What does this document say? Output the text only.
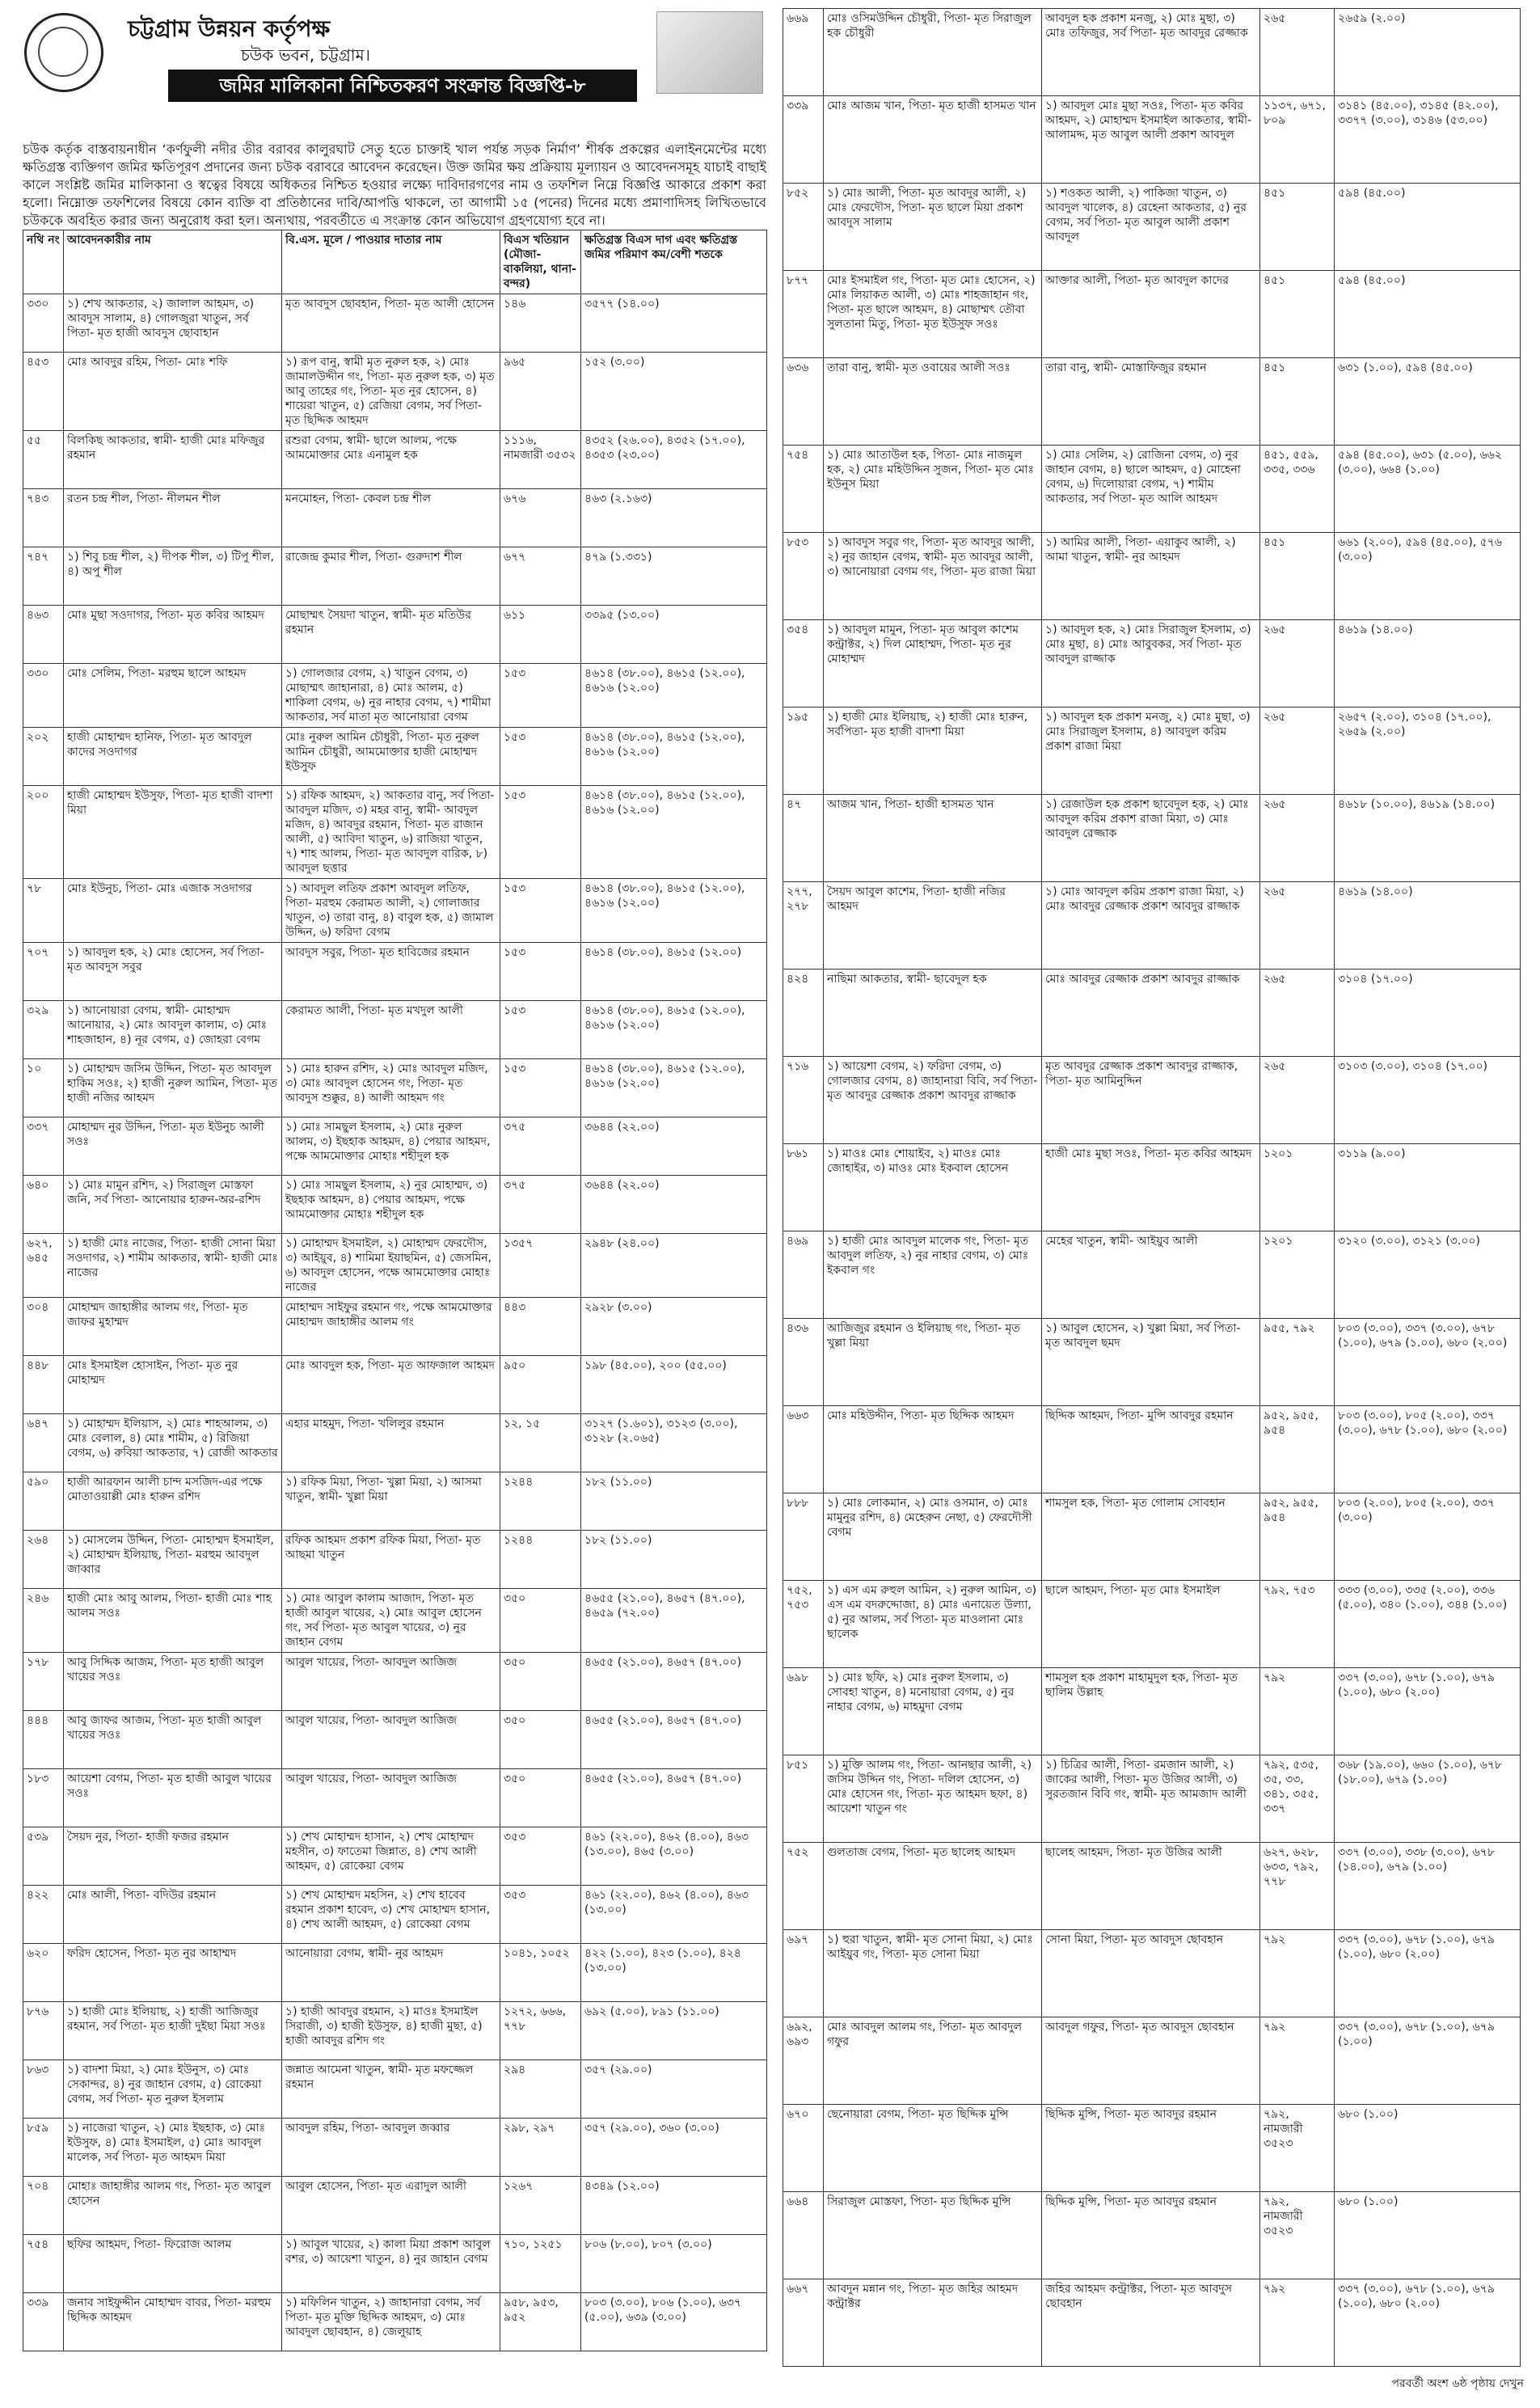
চট্টগ্রাম উন্নয়ন কর্তৃপক্ষ
চউক ভবন, চট্টগ্রাম।
জমির মালিকানা নিশ্চিতকরণ সংক্রান্ত বিজ্ঞপ্তি-৮
চউক কর্তৃক বাস্তবায়নাধীন ‘কর্ণফুলী নদীর তীর বরাবর কালুরঘাট সেতু হতে চাক্তাই খাল পর্যন্ত সড়ক নির্মাণ’ শীর্ষক প্রকল্পের এলাইনমেন্টের মধ্যে ক্ষতিগ্রস্ত ব্যক্তিগণ জমির ক্ষতিপূরণ প্রদানের জন্য চউক বরাবরে আবেদন করেছেন। উক্ত জমির ক্ষয় প্রক্রিয়ায় মূল্যায়ন ও আবেদনসমূহ যাচাই বাছাই কালে সংশ্লিষ্ট জমির মালিকানা ও স্বত্বের বিষয়ে অধিকতর নিশ্চিত হওয়ার লক্ষ্যে দাবিদারগণের নাম ও তফশিল নিম্নে বিজ্ঞপ্তি আকারে প্রকাশ করা হলো। নিম্নোক্ত তফশিলের বিষয়ে কোন ব্যক্তি বা প্রতিষ্ঠানের দাবি/আপত্তি থাকলে, তা আগামী ১৫ (পনের) দিনের মধ্যে প্রমাণাদিসহ লিখিতভাবে চউককে অবহিত করার জন্য অনুরোধ করা হল। অন্যথায়, পরবর্তীতে এ সংক্রান্ত কোন অভিযোগ গ্রহণযোগ্য হবে না।
নথি নং	আবেদনকারীর নাম	বি.এস. মূলে / পাওয়ার দাতার নাম	বিএস খতিয়ান (মৌজা-বাকলিয়া, থানা- বন্দর)	ক্ষতিগ্রস্ত বিএস দাগ এবং ক্ষতিগ্রস্ত জমির পরিমাণ কম/বেশী শতকে
৩৩০	১) শেখ আকতার, ২) জালাল আহমদ, ৩) আবদুস সালাম, ৪) গোলজুরা খাতুন, সর্ব পিতা- মৃত হাজী আবদুস ছোবাহান	মৃত আবদুস ছোবহান, পিতা- মৃত আলী হোসেন	১৪৬	৩৫৭৭ (১৪.০০)
৪৫৩	মোঃ আবদুর রহিম, পিতা- মোঃ শফি	১) রূপ বানু, স্বামী মৃত নুরুল হক, ২) মোঃ জামালউদ্দীন গং, পিতা- মৃত নুরুল হক, ৩) মৃত আবু তাহের গং, পিতা- মৃত নুর হোসেন, ৪) শায়েরা খাতুন, ৫) রেজিয়া বেগম, সর্ব পিতা- মৃত ছিদ্দিক আহমদ	৯৬৫	১৫২ (৩.০০)
৫৫	বিলকিছ আকতার, স্বামী- হাজী মোঃ মফিজুর রহমান	রশুরা বেগম, স্বামী- ছালে আলম, পক্ষে আমমোক্তার মোঃ এনামুল হক	১১১৬, নামজারী ৩৫৩২	৪৩৫২ (২৬.০০), ৪৩৫২ (১৭.০০), ৪৩৫৩ (২৩.০০)
৭৪৩	রতন চন্দ্র শীল, পিতা- নীলমন শীল	মনমোহন, পিতা- কেবল চন্দ্র শীল	৬৭৬	৪৬৩ (২.১৬৩)
৭৪৭	১) শিবু চন্দ্র শীল, ২) দীপক শীল, ৩) টিপু শীল, ৪) অপু শীল	রাজেন্দ্র কুমার শীল, পিতা- গুরুদাশ শীল	৬৭৭	৪৭৯ (১.৩৩১)
৪৬৩	মোঃ মুছা সওদাগর, পিতা- মৃত কবির আহমদ	মোছাম্মৎ সৈয়দা খাতুন, স্বামী- মৃত মতিউর রহমান	৬১১	৩৩৯৫ (১৩.০০)
৩৩০	মোঃ সেলিম, পিতা- মরহুম ছালে আহমদ	১) গোলজার বেগম, ২) খাতুন বেগম, ৩) মোছাম্মৎ জাহানারা, ৪) মোঃ আলম, ৫) শাকিলা বেগম, ৬) নুর নাহার বেগম, ৭) শামীমা আকতার, সর্ব মাতা মৃত আনোয়ারা বেগম	১৫৩	৪৬১৪ (৩৮.০০), ৪৬১৫ (১২.০০), ৪৬১৬ (১২.০০)
২০২	হাজী মোহাম্মদ হানিফ, পিতা- মৃত আবদুল কাদের সওদাগর	মোঃ নুরুল আমিন চৌধুরী, পিতা- মৃত নুরুল আমিন চৌধুরী, আমমোক্তার হাজী মোহাম্মদ ইউসুফ	১৫৩	৪৬১৪ (৩৮.০০), ৪৬১৫ (১২.০০), ৪৬১৬ (১২.০০)
২০০	হাজী মোহাম্মদ ইউসুফ, পিতা- মৃত হাজী বাদশা মিয়া	১) রফিক আহমদ, ২) আকতার বানু, সর্ব পিতা- আবদুল মজিদ, ৩) মহর বানু, স্বামী- আবদুল মজিদ, ৪) আবদুর রহমান, পিতা- মৃত রাজান আলী, ৫) আবিদা খাতুন, ৬) রাজিয়া খাতুন, ৭) শাহ আলম, পিতা- মৃত আবদুল বারিক, ৮) আবদুল ছত্তার	১৫৩	৪৬১৪ (৩৮.০০), ৪৬১৫ (১২.০০), ৪৬১৬ (১২.০০)
৭৮	মোঃ ইউনুচ, পিতা- মোঃ এজাক সওদাগর	১) আবদুল লতিফ প্রকাশ আবদুল লতিফ, পিতা- মরহুম কেরামত আলী, ২) গোলাজার খাতুন, ৩) তারা বানু, ৪) বাবুল হক, ৫) জামাল উদ্দিন, ৬) ফরিদা বেগম	১৫৩	৪৬১৪ (৩৮.০০), ৪৬১৫ (১২.০০), ৪৬১৬ (১২.০০)
৭০৭	১) আবদুল হক, ২) মোঃ হোসেন, সর্ব পিতা- মৃত আবদুস সবুর	আবদুস সবুর, পিতা- মৃত হাবিজের রহমান	১৫৩	৪৬১৪ (৩৮.০০), ৪৬১৫ (১২.০০)
৩২৯	১) আনোয়ারা বেগম, স্বামী- মোহাম্মদ আনোয়ার, ২) মোঃ আবদুল কালাম, ৩) মোঃ শাহজাহান, ৪) নূর বেগম, ৫) জোহরা বেগম	কেরামত আলী, পিতা- মৃত মখদুল আলী	১৫৩	৪৬১৪ (৩৮.০০), ৪৬১৫ (১২.০০), ৪৬১৬ (১২.০০)
১০	১) মোহাম্মদ জসিম উদ্দিন, পিতা- মৃত আবদুল হাকিম সওঃ, ২) হাজী নুরুল আমিন, পিতা- মৃত হাজী নজির আহমদ	১) মোঃ হারুন রশিদ, ২) মোঃ আবদুল মজিদ, ৩) মোঃ আবদুল হোসেন গং, পিতা- মৃত আবদুস শুক্কুর, ৪) আলী আহমদ গং	১৫৩	৪৬১৪ (৩৮.০০), ৪৬১৫ (১২.০০), ৪৬১৬ (১২.০০)
৩৩৭	মোহাম্মদ নুর উদ্দিন, পিতা- মৃত ইউনুচ আলী সওঃ	১) মোঃ সামছুল ইসলাম, ২) মোঃ নুরুল আলম, ৩) ইছহাক আহমদ, ৪) পেয়ার আহমদ, পক্ষে আমমোক্তার মোহাঃ শহীদুল হক	৩৭৫	৩৬৪৪ (২২.০০)
৬৪০	১) মোঃ মামুন রশিদ, ২) সিরাজুল মোস্তফা জনি, সর্ব পিতা- আনোয়ার হারুন-অর-রশিদ	১) মোঃ সামছুল ইসলাম, ২) নুর মোহাম্মদ, ৩) ইছহাক আহমদ, ৪) পেয়ার আহমদ, পক্ষে আমমোক্তার মোহাঃ শহীদুল হক	৩৭৫	৩৬৪৪ (২২.০০)
৬২৭, ৬৪৫	১) হাজী মোঃ নাজের, পিতা- হাজী সোনা মিয়া সওদাগর, ২) শামীম আকতার, স্বামী- হাজী মোঃ নাজের	১) মোহাম্মদ ইসমাইল, ২) মোহাম্মদ ফেরদৌস, ৩) আইয়ুব, ৪) শামিমা ইয়াছমিন, ৫) জেসমিন, ৬) আবদুল হোসেন, পক্ষে আমমোক্তার মোহাঃ নাজের	১৩৫৭	২৯৪৮ (২৪.০০)
৩০৪	মোহাম্মদ জাহাঙ্গীর আলম গং, পিতা- মৃত জাফর মুহাম্মদ	মোহাম্মদ সাইফুর রহমান গং, পক্ষে আমমোক্তার মোহাম্মদ জাহাঙ্গীর আলম গং	৪৪৩	২৯২৮ (৩.০০)
৪৪৮	মোঃ ইসমাইল হোসাইন, পিতা- মৃত নুর মোহাম্মদ	মোঃ আবদুল হক, পিতা- মৃত আফজাল আহমদ	৯৫০	১৯৮ (৪৫.০০), ২০০ (৫৫.০০)
৬৪৭	১) মোহাম্মদ ইলিয়াস, ২) মোঃ শাহআলম, ৩) মোঃ বেলাল, ৪) মোঃ শামীম, ৫) রিজিয়া বেগম, ৬) রুবিয়া আকতার, ৭) রোজী আকতার	এহার মাহমুদ, পিতা- খলিলুর রহমান	১২, ১৫	৩১২৭ (১.৬০১), ৩১২৩ (৩.০০), ৩১২৮ (২.০৬৫)
৫৯০	হাজী আরফান আলী চান্দ মসজিদ-এর পক্ষে মোতাওয়াল্লী মোঃ হারুন রশিদ	১) রফিক মিয়া, পিতা- খুল্লা মিয়া, ২) আসমা খাতুন, স্বামী- খুল্লা মিয়া	১২৪৪	১৮২ (১১.০০)
২৬৪	১) মোসলেম উদ্দিন, পিতা- মোহাম্মদ ইসমাইল, ২) মোহাম্মদ ইলিয়াছ, পিতা- মরহুম আবদুল জাব্বার	রফিক আহমদ প্রকাশ রফিক মিয়া, পিতা- মৃত আছমা খাতুন	১২৪৪	১৮২ (১১.০০)
২৪৬	হাজী মোঃ আবু আলম, পিতা- হাজী মোঃ শাহ আলম সওঃ	১) মোঃ আবুল কালাম আজাদ, পিতা- মৃত হাজী আবুল খায়ের, ২) মোঃ আবুল হোসেন গং, সর্ব পিতা- মৃত আবুল খায়ের, ৩) নুর জাহান বেগম	৩৫০	৪৬৫৫ (২১.০০), ৪৬৫৭ (৪৭.০০), ৪৬৫৯ (৭২.০০)
১৭৮	আবু সিদ্দিক আজম, পিতা- মৃত হাজী আবুল খায়ের সওঃ	আবুল খায়ের, পিতা- আবদুল আজিজ	৩৫০	৪৬৫৫ (২১.০০), ৪৬৫৭ (৪৭.০০)
৪৪৪	আবু জাফর আজম, পিতা- মৃত হাজী আবুল খায়ের সওঃ	আবুল খায়ের, পিতা- আবদুল আজিজ	৩৫০	৪৬৫৫ (২১.০০), ৪৬৫৭ (৪৭.০০)
১৮৩	আয়েশা বেগম, পিতা- মৃত হাজী আবুল খায়ের সওঃ	আবুল খায়ের, পিতা- আবদুল আজিজ	৩৫০	৪৬৫৫ (২১.০০), ৪৬৫৭ (৪৭.০০)
৫৩৯	সৈয়দ নুর, পিতা- হাজী ফজর রহমান	১) শেখ মোহাম্মদ হাসান, ২) শেখ মোহাম্মদ মহসীন, ৩) ফাতেমা জিন্নাত, ৪) শেখ আলী আহমদ, ৫) রোকেয়া বেগম	৩৫৩	৪৬১ (২২.০০), ৪৬২ (৪.০০), ৪৬৩ (১৩.০০), ৪৬৫ (৩.০০)
৪২২	মোঃ আলী, পিতা- বদিউর রহমান	১) শেখ মোহাম্মদ মহসিন, ২) শেখ হাবেব রহমান প্রকাশ হাবেদ, ৩) শেখ মোহাম্মদ হাসান, ৪) শেখ আলী আহমদ, ৫) রোকেয়া বেগম	৩৫৩	৪৬১ (২২.০০), ৪৬২ (৪.০০), ৪৬৩ (১৩.০০)
৬২০	ফরিদ হোসেন, পিতা- মৃত নুর আহাম্মদ	আনোয়ারা বেগম, স্বামী- নুর আহমদ	১০৪১, ১০৫২	৪২২ (১.০০), ৪২৩ (১.০০), ৪২৪ (১৩.০০)
৮৭৬	১) হাজী মোঃ ইলিয়াছ, ২) হাজী আজিজুর রহমান, সর্ব পিতা- মৃত হাজী দুইছা মিয়া সওঃ	১) হাজী আবদুর রহমান, ২) মাওঃ ইসমাইল সিরাজী, ৩) হাজী ইউসুফ, ৪) হাজী মুছা, ৫) হাজী আবদুর রশিদ গং	১২৭২, ৬৬৬, ৭৭৮	৬৯২ (৫.০০), ৮৯১ (১১.০০)
৮৬৩	১) বাদশা মিয়া, ২) মোঃ ইউনুস, ৩) মোঃ সেকান্দর, ৪) নুর জাহান বেগম, ৫) রোকেয়া বেগম, সর্ব পিতা- মৃত নুরুল ইসলাম	জন্নাত আমেনা খাতুন, স্বামী- মৃত মফজ্জেল রহমান	২৯৪	৩৫৭ (২৯.০০)
৮৫৯	১) নাজেরা খাতুন, ২) মোঃ ইছহাক, ৩) মোঃ ইউসুফ, ৪) মোঃ ইসমাইল, ৫) মোঃ আবদুল মালেক, সর্ব পিতা- মৃত আহমদ মিয়া	আবদুল রহিম, পিতা- আবদুল জব্বার	২৯৮, ২৯৭	৩৫৭ (২৯.০০), ৩৬০ (৩.০০)
৭০৪	মোহাঃ জাহাঙ্গীর আলম গং, পিতা- মৃত আবুল হোসেন	আবুল হোসেন, পিতা- মৃত এরাদুল আলী	১২৬৭	৪৩৪৯ (১২.০০)
৭৫৪	ছফির আহমদ, পিতা- ফিরোজ আলম	১) আবুল খায়ের, ২) কালা মিয়া প্রকাশ আবুল বশর, ৩) আয়েশা খাতুন, ৪) নুর জাহান বেগম	৭১০, ১২৫১	৮০৬ (৮.০০), ৮০৭ (৩.০০)
৩৩৯	জনাব সাইফুদ্দীন মোহাম্মদ বাবর, পিতা- মরহুম ছিদ্দিক আহমদ	১) মফিলিন খাতুন, ২) জাহানারা বেগম, সর্ব পিতা- মৃত মুক্তি ছিদ্দিক আহমদ, ৩) মোঃ আবদুল ছোবহান, ৪) জেলুয়াহ	৯৫৮, ৯৫৩, ৯৫২	৮০৩ (৩.০০), ৮০৬ (১.০০), ৬৩৭ (৫.০০), ৬৩৯ (৩.০০)
৬৬৯	মোঃ ওসিমউদ্দিন চৌধুরী, পিতা- মৃত সিরাজুল হক চৌধুরী	আবদুল হক প্রকাশ মনজু, ২) মোঃ মুছা, ৩) মোঃ তফিজুর, সর্ব পিতা- মৃত আবদুর রেজ্জাক	২৬৫	২৬৫৯ (২.০০)
৩৩৯	মোঃ আজম খান, পিতা- মৃত হাজী হাসমত খান	১) আবদুল মোঃ মুছা সওঃ, পিতা- মৃত কবির আহমদ, ২) মোহাম্মদ ইসমাইল আকতার, স্বামী- আলামদ্দ, মৃত আবুল আলী প্রকাশ আবদুল	১১৩৭, ৬৭১, ৮০৯	৩১৪১ (৪৫.০০), ৩১৪৫ (৪২.০০), ৩৩৭৭ (৩.০০), ৩১৪৬ (৫৩.০০)
৮৫২	১) মোঃ আলী, পিতা- মৃত আবদুর আলী, ২) মোঃ ফেরদৌস, পিতা- মৃত ছালে মিয়া প্রকাশ আবদুস সালাম	১) শওকত আলী, ২) পাকিজা খাতুন, ৩) আবদুল খালেক, ৪) রেহেনা আকতার, ৫) নুর বেগম, সর্ব পিতা- মৃত আবুল আলী প্রকাশ আবদুল	৪৫১	৫৯৪ (৪৫.০০)
৮৭৭	মোঃ ইসমাইল গং, পিতা- মৃত মোঃ হোসেন, ২) মোঃ লিয়াকত আলী, ৩) মোঃ শাহজাহান গং, পিতা- মৃত ছালে আহমদ, ৪) মোছাম্মৎ তৌবা সুলতানা মিতু, পিতা- মৃত ইউসুফ সওঃ	আক্তার আলী, পিতা- মৃত আবদুল কাদের	৪৫১	৫৯৪ (৪৫.০০)
৬৩৬	তারা বানু, স্বামী- মৃত ওবায়ের আলী সওঃ	তারা বানু, স্বামী- মোস্তাফিজুর রহমান	৪৫১	৬৩১ (১.০০), ৫৯৪ (৪৫.০০)
৭৫৪	১) মোঃ আতাউল হক, পিতা- মোঃ নাজমুল হক, ২) মোঃ মহিউদ্দিন সুজন, পিতা- মৃত মোঃ ইউনুস মিয়া	১) মোঃ সেলিম, ২) রোজিনা বেগম, ৩) নুর জাহান বেগম, ৪) ছালে আহমদ, ৫) মোহেনা বেগম, ৬) দিলোয়ারা বেগম, ৭) শামীম আকতার, সর্ব পিতা- মৃত আলি আহমদ	৪৫১, ৫৫৯, ৩৩৫, ৩৩৬	৫৯৪ (৪৫.০০), ৬৩১ (৫.০০), ৬৬২ (৩.০০), ৬৬৪ (১.০০)
৮৫৩	১) আবদুস সবুর গং, পিতা- মৃত আবদুর আলী, ২) নুর জাহান বেগম, স্বামী- মৃত আবদুর আলী, ৩) আনোয়ারা বেগম গং, পিতা- মৃত রাজা মিয়া	১) আমির আলী, পিতা- এয়াকুব আলী, ২) আমা খাতুন, স্বামী- নুর আহমদ	৪৫১	৬৬১ (২.০০), ৫৯৪ (৪৫.০০), ৫৭৬ (৩.০০)
৩৫৪	১) আবদুল মামুন, পিতা- মৃত আবুল কাশেম কন্ট্রাক্টর, ২) দিল মোহাম্মদ, পিতা- মৃত নুর মোহাম্মদ	১) আবদুল হক, ২) মোঃ সিরাজুল ইসলাম, ৩) মোঃ মুছা, ৪) মোঃ আবুবকর, সর্ব পিতা- মৃত আবদুল রাজ্জাক	২৬৫	৪৬১৯ (১৪.০০)
১৯৫	১) হাজী মোঃ ইলিয়াছ, ২) হাজী মোঃ হারুন, সর্বপিতা- মৃত হাজী বাদশা মিয়া	১) আবদুল হক প্রকাশ মনজু, ২) মোঃ মুছা, ৩) মোঃ সিরাজুল ইসলাম, ৪) আবদুল করিম প্রকাশ রাজা মিয়া	২৬৫	২৬৫৭ (২.০০), ৩১০৪ (১৭.০০), ২৬৫৯ (২.০০)
৪৭	আজম খান, পিতা- হাজী হাসমত খান	১) রেজাউল হক প্রকাশ ছাবেদুল হক, ২) মোঃ আবদুল করিম প্রকাশ রাজা মিয়া, ৩) মোঃ আবদুল রেজ্জাক	২৬৫	৪৬১৮ (১০.০০), ৪৬১৯ (১৪.০০)
২৭৭, ২৭৮	সৈয়দ আবুল কাশেম, পিতা- হাজী নজির আহমদ	১) মোঃ আবদুল করিম প্রকাশ রাজা মিয়া, ২) মোঃ আবদুর রেজ্জাক প্রকাশ আবদুর রাজ্জাক	২৬৫	৪৬১৯ (১৪.০০)
৪২৪	নাছিমা আকতার, স্বামী- ছাবেদুল হক	মোঃ আবদুর রেজ্জাক প্রকাশ আবদুর রাজ্জাক	২৬৫	৩১০৪ (১৭.০০)
৭১৬	১) আয়েশা বেগম, ২) ফরিদা বেগম, ৩) গোলজার বেগম, ৪) জাহানারা বিবি, সর্ব পিতা- মৃত আবদুর রেজ্জাক প্রকাশ আবদুর রাজ্জাক	মৃত আবদুর রেজ্জাক প্রকাশ আবদুর রাজ্জাক, পিতা- মৃত আমিনুদ্দিন	২৬৫	৩১০৩ (৩.০০), ৩১০৪ (১৭.০০)
৮৬১	১) মাওঃ মোঃ শোয়াইব, ২) মাওঃ মোঃ জোহাইর, ৩) মাওঃ মোঃ ইকবাল হোসেন	হাজী মোঃ মুছা সওঃ, পিতা- মৃত কবির আহমদ	১২০১	৩১১৯ (৯.০০)
৪৬৯	১) হাজী মোঃ আবদুল মালেক গং, পিতা- মৃত আবদুল লতিফ, ২) নুর নাহার বেগম, ৩) মোঃ ইকবাল গং	মেহের খাতুন, স্বামী- আইয়ুব আলী	১২০১	৩১২০ (৩.০০), ৩১২১ (৩.০০)
৪৩৬	আজিজুর রহমান ও ইলিয়াছ গং, পিতা- মৃত খুল্লা মিয়া	১) আবুল হোসেন, ২) খুল্লা মিয়া, সর্ব পিতা- মৃত আবদুল ছমদ	৯৫৫, ৭৯২	৮০৩ (৩.০০), ৩৩৭ (৩.০০), ৬৭৮ (১.০০), ৬৭৯ (১.০০), ৬৮০ (২.০০)
৬৬৩	মোঃ মহিউদ্দীন, পিতা- মৃত ছিদ্দিক আহমদ	ছিদ্দিক আহমদ, পিতা- মুন্সি আবদুর রহমান	৯৫২, ৯৫৫, ৯৫৪	৮০৩ (৩.০০), ৮০৫ (২.০০), ৩৩৭ (৩.০০), ৬৭৮ (১.০০), ৬৮০ (২.০০)
৮৮৮	১) মোঃ লোকমান, ২) মোঃ ওসমান, ৩) মোঃ মামুনুর রশিদ, ৪) মেহেরুন নেছা, ৫) ফেরদৌসী বেগম	শামসুল হক, পিতা- মৃত গোলাম সোবহান	৯৫২, ৯৫৫, ৯৫৪	৮০৩ (২.০০), ৮০৫ (২.০০), ৩৩৭ (৩.০০)
৭৫২, ৭৫৩	১) এস এম রুহুল আমিন, ২) নুরুল আমিন, ৩) এস এম বদরুদ্দোজা, ৪) মোঃ এনায়েত উল্যা, ৫) নুর আলম, সর্ব পিতা- মৃত মাওলানা মোঃ ছালেক	ছালে আহমদ, পিতা- মৃত মোঃ ইসমাইল	৭৯২, ৭৫৩	৩৩৩ (৩.০০), ৩৩৫ (২.০০), ৩৩৬ (৫.০০), ৩৪০ (১.০০), ৩৪৪ (১.০০)
৬৯৮	১) মোঃ ছফি, ২) মোঃ নুরুল ইসলাম, ৩) সোবহা খাতুন, ৪) মনোয়ারা বেগম, ৫) নুর নাহার বেগম, ৬) মাহমুদা বেগম	শামসুল হক প্রকাশ মাহামুদুল হক, পিতা- মৃত ছালিম উল্লাহ	৭৯২	৩৩৭ (৩.০০), ৬৭৮ (১.০০), ৬৭৯ (১.০০), ৬৮০ (২.০০)
৮৫১	১) মুক্তি আলম গং, পিতা- আনছার আলী, ২) জসিম উদ্দিন গং, পিতা- দলিল হোসেন, ৩) মোঃ হোসেন গং, পিতা- মৃত আহমদ ছফা, ৪) আয়েশা খাতুন গং	১) চিত্রির আলী, পিতা- রমজান আলী, ২) জাকের আলী, পিতা- মৃত উজির আলী, ৩) সুরতজান বিবি গং, স্বামী- মৃত আমজাদ আলী	৭৯২, ৫৩৫, ৩৫, ৩৩, ৩৪১, ৩৫৫, ৩৩৭	৩৬৮ (১৯.০০), ৬৬০ (১.০০), ৬৭৮ (১৮.০০), ৬৭৯ (১.০০)
৭৫২	গুলতাজ বেগম, পিতা- মৃত ছালেহ আহমদ	ছালেহ আহমদ, পিতা- মৃত উজির আলী	৬২৭, ৬২৮, ৬৩৩, ৭৯২, ৭৭৮	৩৩৭ (৩.০০), ৩৩৮ (৩.০০), ৬৭৮ (১৪.০০), ৬৭৯ (১.০০)
৬৯৭	১) হুরা খাতুন, স্বামী- মৃত সোনা মিয়া, ২) মোঃ আইয়ুব গং, পিতা- মৃত সোনা মিয়া	সোনা মিয়া, পিতা- মৃত আবদুস ছোবহান	৭৯২	৩৩৭ (৩.০০), ৬৭৮ (১.০০), ৬৭৯ (১.০০), ৬৮০ (২.০০)
৬৯২, ৬৯৩	মোঃ আবদুল আলম গং, পিতা- মৃত আবদুল গফুর	আবদুল গফুর, পিতা- মৃত আবদুস ছোবহান	৭৯২	৩৩৭ (৩.০০), ৬৭৮ (১.০০), ৬৭৯ (১.০০)
৬৭০	ছেনোয়ারা বেগম, পিতা- মৃত ছিদ্দিক মুন্সি	ছিদ্দিক মুন্সি, পিতা- মৃত আবদুর রহমান	৭৯২, নামজারী ৩৫২৩	৬৮০ (১.০০)
৬৬৪	সিরাজুল মোস্তফা, পিতা- মৃত ছিদ্দিক মুন্সি	ছিদ্দিক মুন্সি, পিতা- মৃত আবদুর রহমান	৭৯২, নামজারী ৩৫২৩	৬৮০ (১.০০)
৬৬৭	আবদুন মন্নান গং, পিতা- মৃত জহির আহমদ কন্ট্রাক্টর	জহির আহমদ কন্ট্রাক্টর, পিতা- মৃত আবদুস ছোবহান	৭৯২	৩৩৭ (৩.০০), ৬৭৮ (১.০০), ৬৭৯ (১.০০), ৬৮০ (২.০০)
পরবর্তী অংশ ৬ষ্ঠ পৃষ্ঠায় দেখুন
